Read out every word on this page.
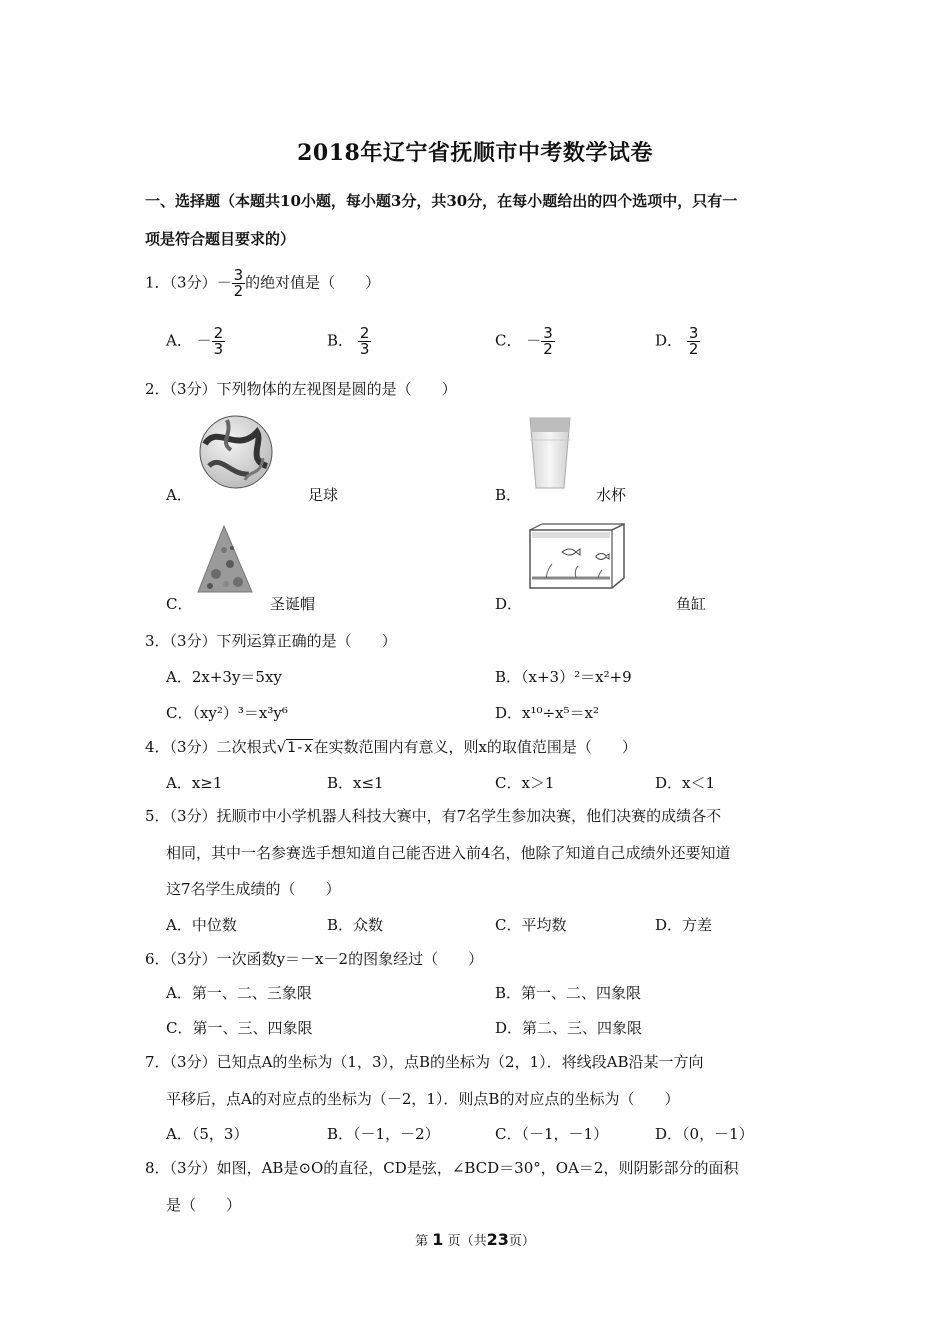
2018年辽宁省抚顺市中考数学试卷
一、选择题（本题共10小题，每小题3分，共30分，在每小题给出的四个选项中，只有一
项是符合题目要求的）
1．（3分）－ $\frac{3}{2}$ 的绝对值是（　　）
A． － $\frac{2}{3}$	B． $\frac{2}{3}$	C． － $\frac{3}{2}$	D． $\frac{3}{2}$
2．（3分）下列物体的左视图是圆的是（　　）
A．	足球	B．	水杯
C．	圣诞帽	D．	鱼缸
3．（3分）下列运算正确的是（　　）
A．2x+3y＝5xy	B．（x+3）²＝x²+9
C．（xy²）³＝x³y⁶	D．x¹⁰÷x⁵＝x²
4．（3分）二次根式√1-x在实数范围内有意义，则x的取值范围是（　　）
A．x≥1	B．x≤1	C．x＞1	D．x＜1
5．（3分）抚顺市中小学机器人科技大赛中，有7名学生参加决赛，他们决赛的成绩各不
相同，其中一名参赛选手想知道自己能否进入前4名，他除了知道自己成绩外还要知道
这7名学生成绩的（　　）
A．中位数	B．众数	C．平均数	D．方差
6．（3分）一次函数y＝－x－2的图象经过（　　）
A．第一、二、三象限	B．第一、二、四象限
C．第一、三、四象限	D．第二、三、四象限
7．（3分）已知点A的坐标为（1，3），点B的坐标为（2，1）．将线段AB沿某一方向
平移后，点A的对应点的坐标为（－2，1）．则点B的对应点的坐标为（　　）
A．（5，3）	B．（－1，－2）	C．（－1，－1）	D．（0，－1）
8．（3分）如图，AB是⊙O的直径，CD是弦，∠BCD＝30°，OA＝2，则阴影部分的面积
是（　　）
第 1 页（共23页）
